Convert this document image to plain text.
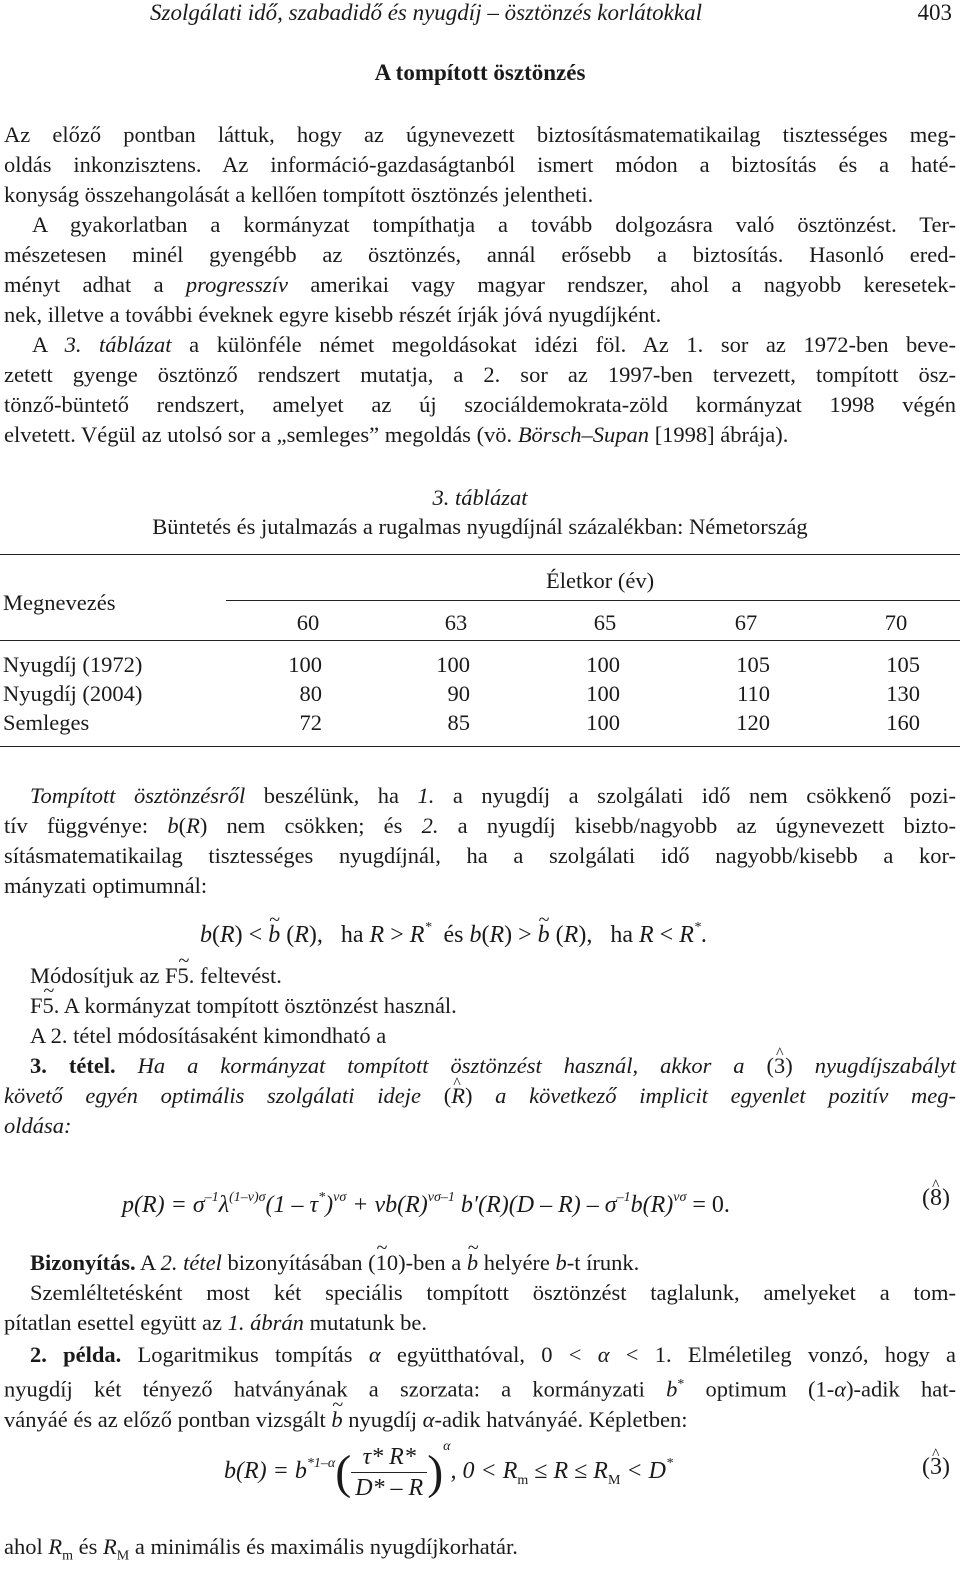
Szolgálati idő, szabadidő és nyugdíj – ösztönzés korlátokkal	403
A tompított ösztönzés
Az előző pontban láttuk, hogy az úgynevezett biztosításmatematikailag tisztességes meg-
oldás inkonzisztens. Az információ-gazdaságtanból ismert módon a biztosítás és a haté-
konyság összehangolását a kellően tompított ösztönzés jelentheti.
A gyakorlatban a kormányzat tompíthatja a tovább dolgozásra való ösztönzést. Ter-
mészetesen minél gyengébb az ösztönzés, annál erősebb a biztosítás. Hasonló ered-
ményt adhat a progresszív amerikai vagy magyar rendszer, ahol a nagyobb keresetek-
nek, illetve a további éveknek egyre kisebb részét írják jóvá nyugdíjként.
A 3. táblázat a különféle német megoldásokat idézi föl. Az 1. sor az 1972-ben beve-
zetett gyenge ösztönző rendszert mutatja, a 2. sor az 1997-ben tervezett, tompított ösz-
tönző-büntető rendszert, amelyet az új szociáldemokrata-zöld kormányzat 1998 végén
elvetett. Végül az utolsó sor a „semleges” megoldás (vö. Börsch–Supan [1998] ábrája).
3. táblázat
Büntetés és jutalmazás a rugalmas nyugdíjnál százalékban: Németország
Megnevezés
Életkor (év)
60	63	65	67	70
Nyugdíj (1972)	100	100	100	105	105
Nyugdíj (2004)	80	90	100	110	130
Semleges	72	85	100	120	160
Tompított ösztönzésről beszélünk, ha 1. a nyugdíj a szolgálati idő nem csökkenő pozi-
tív függvénye: b(R) nem csökken; és 2. a nyugdíj kisebb/nagyobb az úgynevezett bizto-
sításmatematikailag tisztességes nyugdíjnál, ha a szolgálati idő nagyobb/kisebb a kor-
mányzati optimumnál:
b(R) < ~ b (R), ha R > R* és b(R) > ~ b (R), ha R < R*.
Módosítjuk az F~ 5. feltevést.
F~ 5. A kormányzat tompított ösztönzést használ.
A 2. tétel módosításaként kimondható a
3. tétel. Ha a kormányzat tompított ösztönzést használ, akkor a (^ 3) nyugdíjszabályt
követő egyén optimális szolgálati ideje (^ R) a következő implicit egyenlet pozitív meg-
oldása:
$p(R) = \sigma^{-1}\lambda^{(1-\nu)\sigma}(1 - \tau^*)^{\nu\sigma} + \nu b(R)^{\nu\sigma-1}$ $b'(R)(D - R) - \sigma^{-1}b(R)^{\nu\sigma} = 0$.	(^ 8)
Bizonyítás. A 2. tétel bizonyításában (~ 10)-ben a ~ b helyére b-t írunk.
Szemléltetésként most két speciális tompított ösztönzést taglalunk, amelyeket a tom-
pítatlan esettel együtt az 1. ábrán mutatunk be.
2. példa. Logaritmikus tompítás α együtthatóval, 0 < α < 1. Elméletileg vonzó, hogy a
nyugdíj két tényező hatványának a szorzata: a kormányzati b* optimum (1-α)-adik hat-
ványáé és az előző pontban vizsgált ~ b nyugdíj α-adik hatványáé. Képletben:
$b(R) = b^{*1-\alpha}( \frac{\tau* R*}{D* - R} )^\alpha$, $0 < R_m \le R \le R_M < D^*$	(^ 3)
ahol $R_m$ és $R_M$ a minimális és maximális nyugdíjkorhatár.
